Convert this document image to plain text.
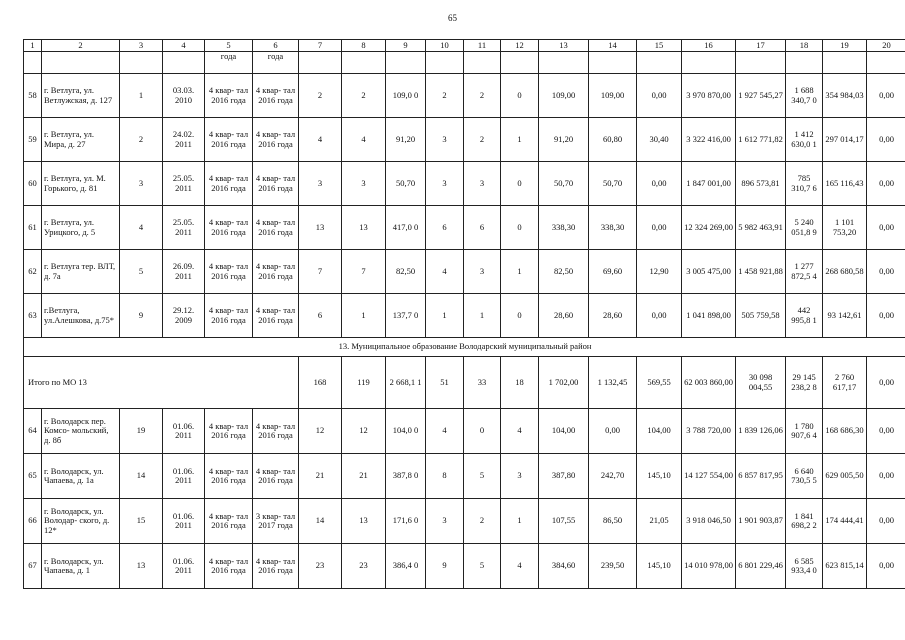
65
1	2	3	4	5	6	7	8	9	10	11	12	13	14	15	16	17	18	19	20
				года	года														
58	г. Ветлуга, ул. Ветлужская, д. 127	1	03.03. 2010	4 квар- тал 2016 года	4 квар- тал 2016 года	2	2	109,0 0	2	2	0	109,00	109,00	0,00	3 970 870,00	1 927 545,27	1 688 340,7 0	354 984,03	0,00
59	г. Ветлуга, ул. Мира, д. 27	2	24.02. 2011	4 квар- тал 2016 года	4 квар- тал 2016 года	4	4	91,20	3	2	1	91,20	60,80	30,40	3 322 416,00	1 612 771,82	1 412 630,0 1	297 014,17	0,00
60	г. Ветлуга, ул. М. Горького, д. 81	3	25.05. 2011	4 квар- тал 2016 года	4 квар- тал 2016 года	3	3	50,70	3	3	0	50,70	50,70	0,00	1 847 001,00	896 573,81	785 310,7 6	165 116,43	0,00
61	г. Ветлуга, ул. Урицкого, д. 5	4	25.05. 2011	4 квар- тал 2016 года	4 квар- тал 2016 года	13	13	417,0 0	6	6	0	338,30	338,30	0,00	12 324 269,00	5 982 463,91	5 240 051,8 9	1 101 753,20	0,00
62	г. Ветлуга тер. ВЛТ, д. 7а	5	26.09. 2011	4 квар- тал 2016 года	4 квар- тал 2016 года	7	7	82,50	4	3	1	82,50	69,60	12,90	3 005 475,00	1 458 921,88	1 277 872,5 4	268 680,58	0,00
63	г.Ветлуга, ул.Алешкова, д.75*	9	29.12. 2009	4 квар- тал 2016 года	4 квар- тал 2016 года	6	1	137,7 0	1	1	0	28,60	28,60	0,00	1 041 898,00	505 759,58	442 995,8 1	93 142,61	0,00
13. Муниципальное образование Володарский муниципальный район																			
Итого по МО 13						168	119	2 668,1 1	51	33	18	1 702,00	1 132,45	569,55	62 003 860,00	30 098 004,55	29 145 238,2 8	2 760 617,17	0,00
64	г. Володарск пер. Комсо- мольский, д. 8б	19	01.06. 2011	4 квар- тал 2016 года	4 квар- тал 2016 года	12	12	104,0 0	4	0	4	104,00	0,00	104,00	3 788 720,00	1 839 126,06	1 780 907,6 4	168 686,30	0,00
65	г. Володарск, ул. Чапаева, д. 1а	14	01.06. 2011	4 квар- тал 2016 года	4 квар- тал 2016 года	21	21	387,8 0	8	5	3	387,80	242,70	145,10	14 127 554,00	6 857 817,95	6 640 730,5 5	629 005,50	0,00
66	г. Володарск, ул. Володар- ского, д. 12*	15	01.06. 2011	4 квар- тал 2016 года	3 квар- тал 2017 года	14	13	171,6 0	3	2	1	107,55	86,50	21,05	3 918 046,50	1 901 903,87	1 841 698,2 2	174 444,41	0,00
67	г. Володарск, ул. Чапаева, д. 1	13	01.06. 2011	4 квар- тал 2016 года	4 квар- тал 2016 года	23	23	386,4 0	9	5	4	384,60	239,50	145,10	14 010 978,00	6 801 229,46	6 585 933,4 0	623 815,14	0,00
